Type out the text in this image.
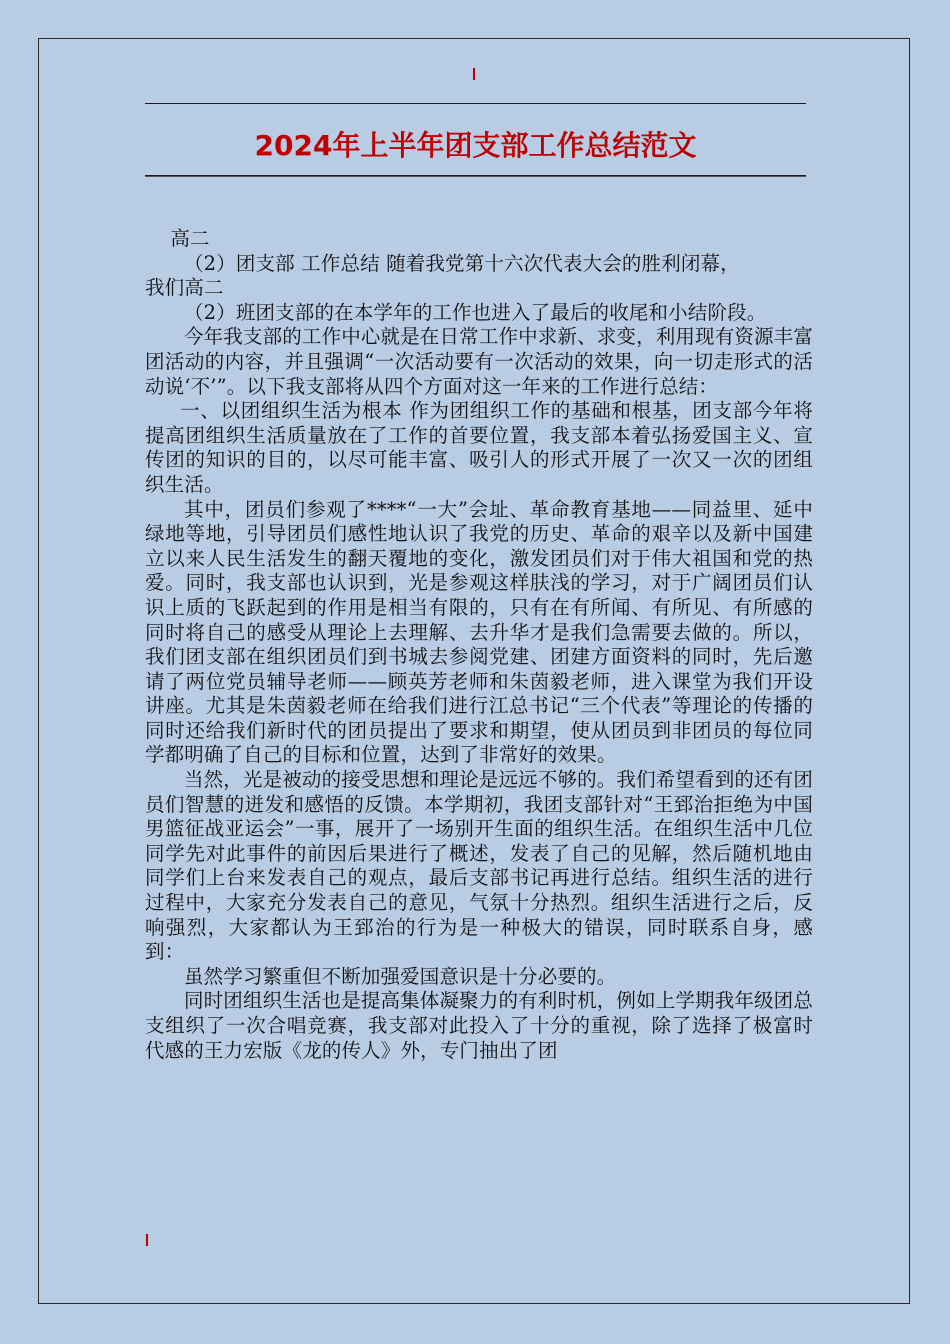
2024年上半年团支部工作总结范文

高二

（2）团支部 工作总结 随着我党第十六次代表大会的胜利闭幕，

我们高二

（2）班团支部的在本学年的工作也进入了最后的收尾和小结阶段。

今年我支部的工作中心就是在日常工作中求新、求变，利用现有资源丰富团活动的内容，并且强调“一次活动要有一次活动的效果，向一切走形式的活动说‘不’”。以下我支部将从四个方面对这一年来的工作进行总结：

一、以团组织生活为根本 作为团组织工作的基础和根基，团支部今年将提高团组织生活质量放在了工作的首要位置，我支部本着弘扬爱国主义、宣传团的知识的目的，以尽可能丰富、吸引人的形式开展了一次又一次的团组织生活。

其中，团员们参观了****“一大”会址、革命教育基地——同益里、延中绿地等地，引导团员们感性地认识了我党的历史、革命的艰辛以及新中国建立以来人民生活发生的翻天覆地的变化，激发团员们对于伟大祖国和党的热爱。同时，我支部也认识到，光是参观这样肤浅的学习，对于广阔团员们认识上质的飞跃起到的作用是相当有限的，只有在有所闻、有所见、有所感的同时将自己的感受从理论上去理解、去升华才是我们急需要去做的。所以，我们团支部在组织团员们到书城去参阅党建、团建方面资料的同时，先后邀请了两位党员辅导老师——顾英芳老师和朱茵毅老师，进入课堂为我们开设讲座。尤其是朱茵毅老师在给我们进行江总书记“三个代表”等理论的传播的同时还给我们新时代的团员提出了要求和期望，使从团员到非团员的每位同学都明确了自己的目标和位置，达到了非常好的效果。

当然，光是被动的接受思想和理论是远远不够的。我们希望看到的还有团员们智慧的迸发和感悟的反馈。本学期初，我团支部针对“王郅治拒绝为中国男篮征战亚运会”一事，展开了一场别开生面的组织生活。在组织生活中几位同学先对此事件的前因后果进行了概述，发表了自己的见解，然后随机地由同学们上台来发表自己的观点，最后支部书记再进行总结。组织生活的进行过程中，大家充分发表自己的意见，气氛十分热烈。组织生活进行之后，反响强烈，大家都认为王郅治的行为是一种极大的错误，同时联系自身，感到：

虽然学习繁重但不断加强爱国意识是十分必要的。

同时团组织生活也是提高集体凝聚力的有利时机，例如上学期我年级团总支组织了一次合唱竞赛，我支部对此投入了十分的重视，除了选择了极富时代感的王力宏版《龙的传人》外，专门抽出了团
